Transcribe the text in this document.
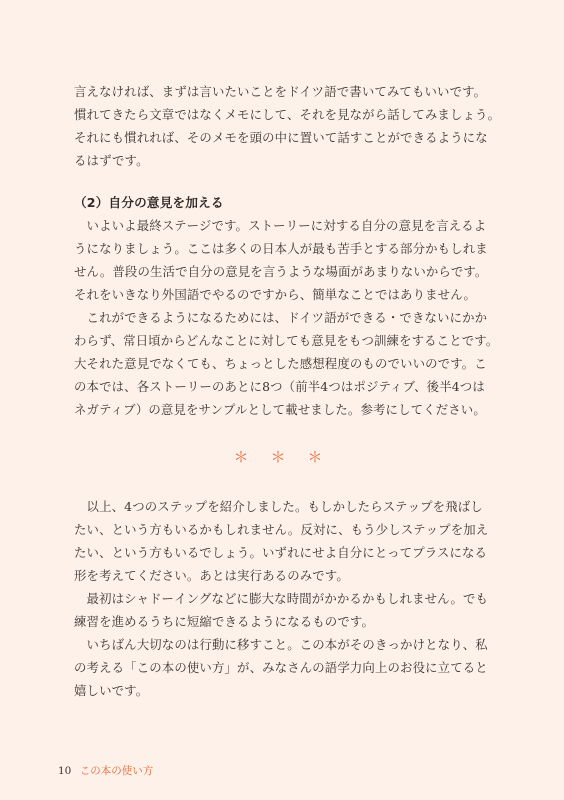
言えなければ、まずは言いたいことをドイツ語で書いてみてもいいです。

慣れてきたら文章ではなくメモにして、それを見ながら話してみましょう。

それにも慣れれば、そのメモを頭の中に置いて話すことができるようにな

るはずです。

（2）自分の意見を加える

　いよいよ最終ステージです。ストーリーに対する自分の意見を言えるよ

うになりましょう。ここは多くの日本人が最も苦手とする部分かもしれま

せん。普段の生活で自分の意見を言うような場面があまりないからです。

それをいきなり外国語でやるのですから、簡単なことではありません。

　これができるようになるためには、ドイツ語ができる・できないにかか

わらず、常日頃からどんなことに対しても意見をもつ訓練をすることです。

大それた意見でなくても、ちょっとした感想程度のものでいいのです。こ

の本では、各ストーリーのあとに8つ（前半4つはポジティブ、後半4つは

ネガティブ）の意見をサンプルとして載せました。参考にしてください。

＊＊＊

　以上、4つのステップを紹介しました。もしかしたらステップを飛ばし

たい、という方もいるかもしれません。反対に、もう少しステップを加え

たい、という方もいるでしょう。いずれにせよ自分にとってプラスになる

形を考えてください。あとは実行あるのみです。

　最初はシャドーイングなどに膨大な時間がかかるかもしれません。でも

練習を進めるうちに短縮できるようになるものです。

　いちばん大切なのは行動に移すこと。この本がそのきっかけとなり、私

の考える「この本の使い方」が、みなさんの語学力向上のお役に立てると

嬉しいです。

10 この本の使い方
